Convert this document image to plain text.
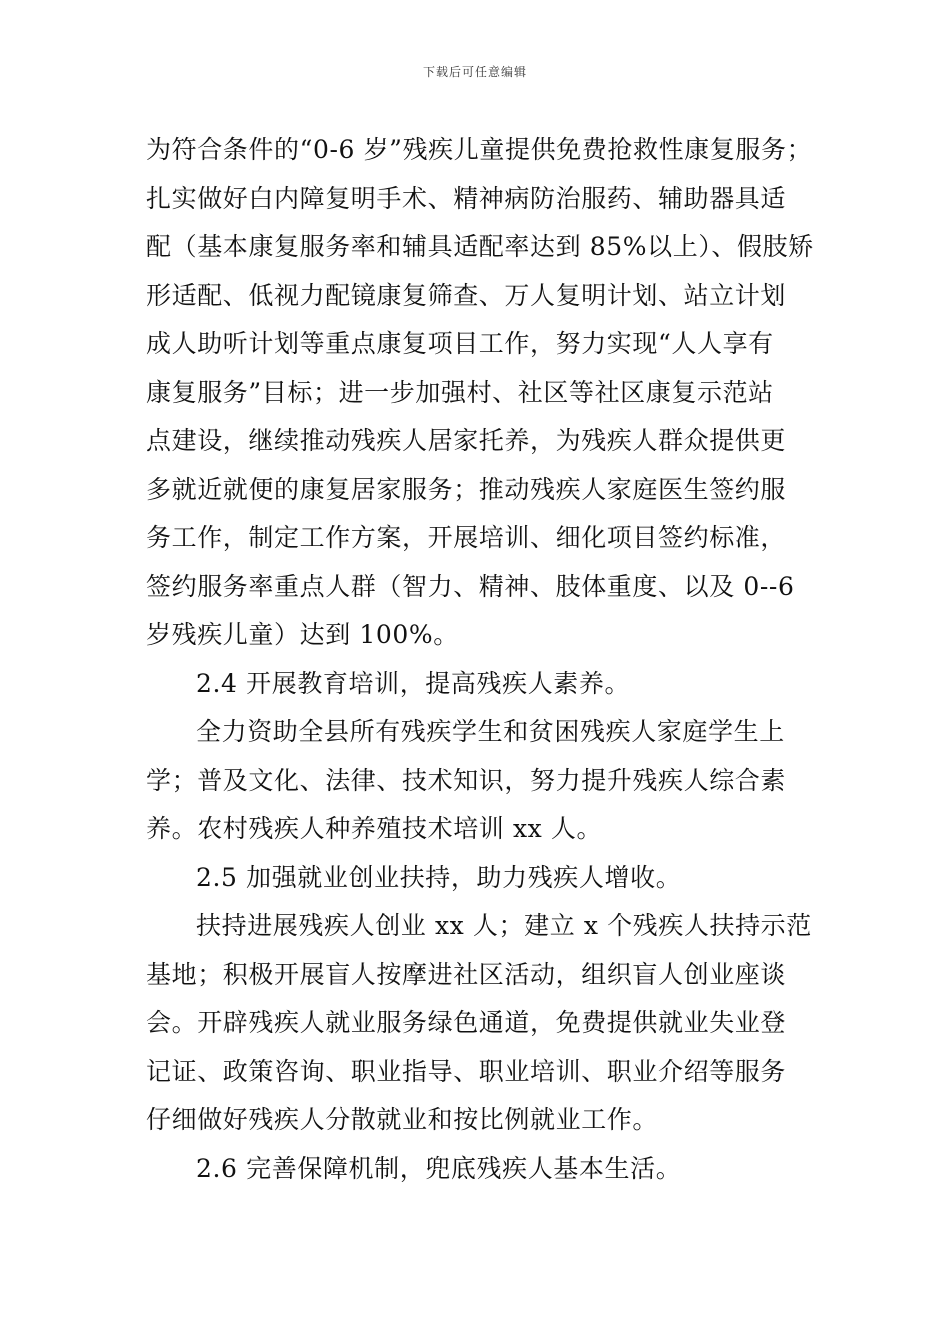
下载后可任意编辑
为符合条件的“0-6 岁”残疾儿童提供免费抢救性康复服务；
扎实做好白内障复明手术、精神病防治服药、辅助器具适
配（基本康复服务率和辅具适配率达到 85%以上）、假肢矫
形适配、低视力配镜康复筛查、万人复明计划、站立计划
成人助听计划等重点康复项目工作，努力实现“人人享有
康复服务”目标；进一步加强村、社区等社区康复示范站
点建设，继续推动残疾人居家托养，为残疾人群众提供更
多就近就便的康复居家服务；推动残疾人家庭医生签约服
务工作，制定工作方案，开展培训、细化项目签约标准，
签约服务率重点人群（智力、精神、肢体重度、以及 0--6
岁残疾儿童）达到 100%。
2.4 开展教育培训，提高残疾人素养。
全力资助全县所有残疾学生和贫困残疾人家庭学生上
学；普及文化、法律、技术知识，努力提升残疾人综合素
养。农村残疾人种养殖技术培训 xx 人。
2.5 加强就业创业扶持，助力残疾人增收。
扶持进展残疾人创业 xx 人；建立 x 个残疾人扶持示范
基地；积极开展盲人按摩进社区活动，组织盲人创业座谈
会。开辟残疾人就业服务绿色通道，免费提供就业失业登
记证、政策咨询、职业指导、职业培训、职业介绍等服务
仔细做好残疾人分散就业和按比例就业工作。
2.6 完善保障机制，兜底残疾人基本生活。
